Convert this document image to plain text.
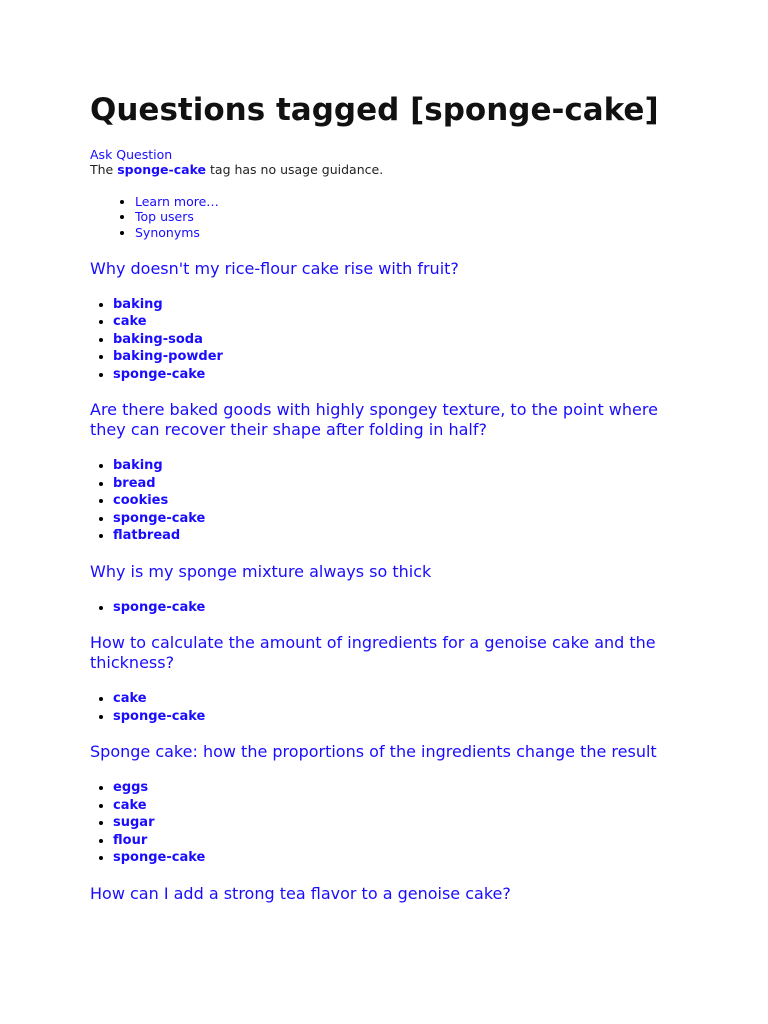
Questions tagged [sponge-cake]
Ask Question
The sponge-cake tag has no usage guidance.
• Learn more…
• Top users
• Synonyms
Why doesn't my rice-flour cake rise with fruit?
• baking
• cake
• baking-soda
• baking-powder
• sponge-cake
Are there baked goods with highly spongey texture, to the point where they can recover their shape after folding in half?
• baking
• bread
• cookies
• sponge-cake
• flatbread
Why is my sponge mixture always so thick
• sponge-cake
How to calculate the amount of ingredients for a genoise cake and the thickness?
• cake
• sponge-cake
Sponge cake: how the proportions of the ingredients change the result
• eggs
• cake
• sugar
• flour
• sponge-cake
How can I add a strong tea flavor to a genoise cake?
